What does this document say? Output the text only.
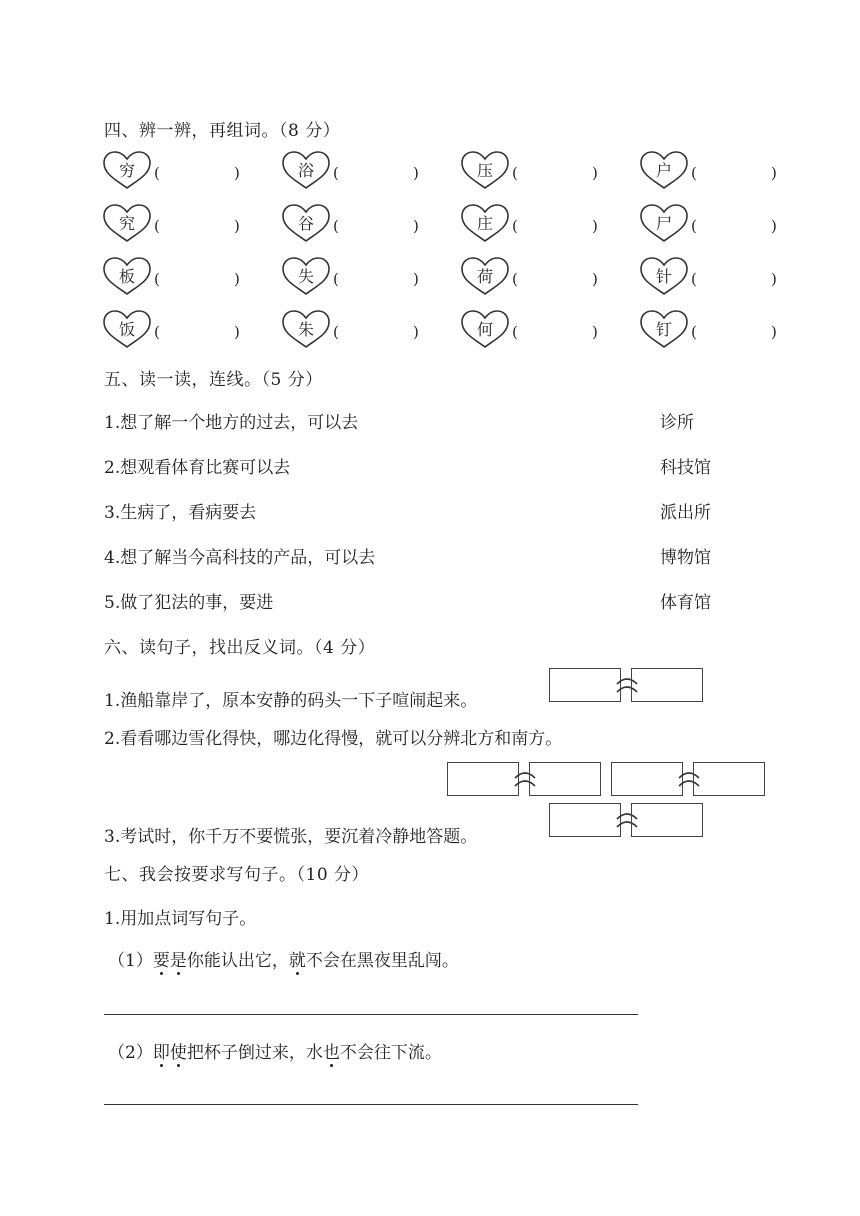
四、辨一辨，再组词。（8 分）
穷	(	)	浴	(	)	压	(	)	户	(	)
究	(	)	谷	(	)	庄	(	)	尸	(	)
板	(	)	失	(	)	荷	(	)	针	(	)
饭	(	)	朱	(	)	何	(	)	钉	(	)
五、读一读，连线。（5 分）
1.想了解一个地方的过去，可以去
2.想观看体育比赛可以去
3.生病了，看病要去
4.想了解当今高科技的产品，可以去
5.做了犯法的事，要进
诊所
科技馆
派出所
博物馆
体育馆
六、读句子，找出反义词。（4 分）
1.渔船靠岸了，原本安静的码头一下子喧闹起来。
2.看看哪边雪化得快，哪边化得慢，就可以分辨北方和南方。
3.考试时，你千万不要慌张，要沉着冷静地答题。
七、我会按要求写句子。（10 分）
1.用加点词写句子。
（1）要是你能认出它，就不会在黑夜里乱闯。
（2）即使把杯子倒过来，水也不会往下流。
